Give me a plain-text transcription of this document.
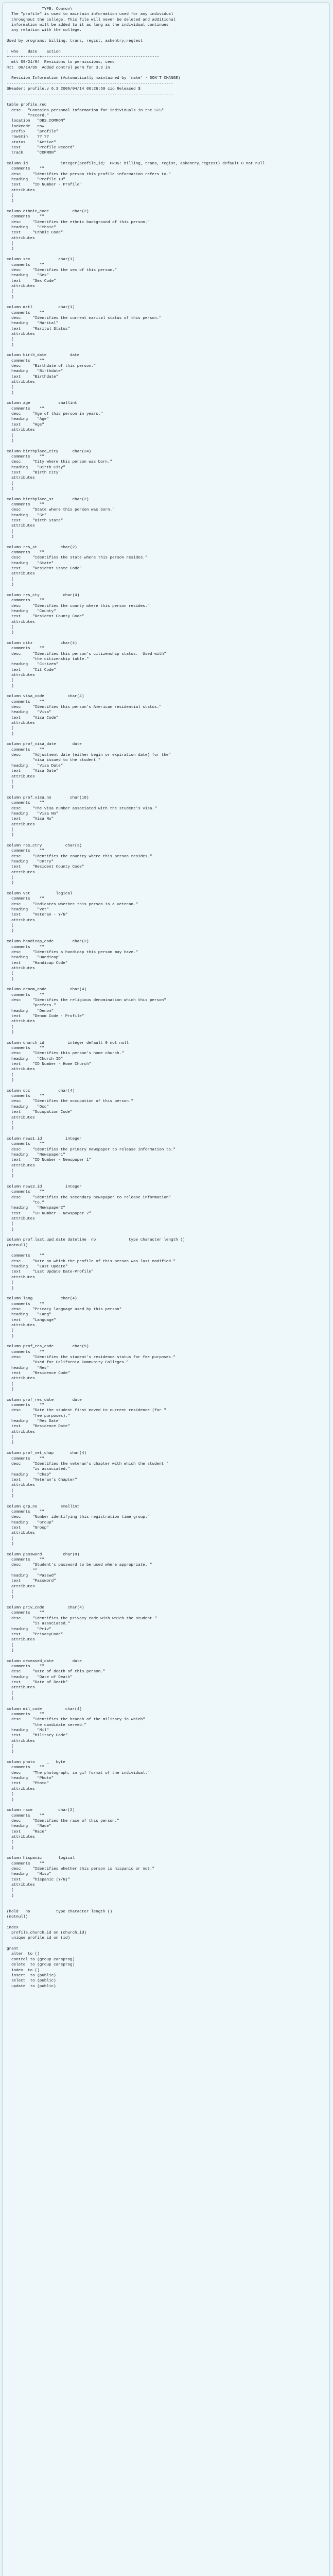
TYPE: Common\
The "profile" is used to maintain information used for any individual
throughout the college. This file will never be deleted and additional
information will be added to it as long as the individual continues
any relation with the college.

Used by programs: billing, trans, regist, askentry,regtest

| who    date    action
+-----+-------+--------------------------------------------------
mtt 09/21/94  Revisions to permissions, cend
mtt  06/14/95  Added control perm for 3.3 in

Revision Information (Automatically maintained by 'make' - DON'T CHANGE)
-----------------------------------------------------------------------
$Header: profile.v 6.3 2006/04/14 06:26:50 cio Released $
-----------------------------------------------------------------------

table profile_rec
desc   "Contains personal information for individuals in the SIS"
"record."
location   "DBS_COMMON"
lockmode   row
prefix     "profile"
rowsmin    ?? ??
status     "Active"
text       "Profile Record"
track      "COMMON"

column id              integer(profile_id;  PROG: billing, trans, regist, askentry,regtest) default 0 not null
comments    ""
desc     "Identifies the person this profile information refers to."
heading    "Profile ID"
text     "ID Number - Profile"
attributes
(
)

column ethnic_code          char(2)
comments    ""
desc     "Identifies the ethnic background of this person."
heading    "Ethnic"
text     "Ethnic Code"
attributes
(
)

column sex            char(1)
comments    ""
desc     "Identifies the sex of this person."
heading    "Sex"
text     "Sex Code"
attributes
(
)

column mrtl           char(1)
comments    ""
desc     "Identifies the current marital status of this person."
heading    "Marital"
text     "Marital Status"
attributes
(
)

column birth_date          date
comments    ""
desc     "Birthdate of this person."
heading    "Birthdate"
text     "Birthdate"
attributes
(
)

column age            smallint
comments    ""
desc     "Age of this person in years."
heading    "Age"
text     "Age"
attributes
(
)

column birthplace_city      char(24)
comments    ""
desc     "City where this person was born."
heading    "Birth City"
text     "Birth City"
attributes
(
)

column birthplace_st        char(2)
comments    ""
desc     "State where this person was born."
heading    "St"
text     "Birth State"
attributes
(
)

column res_st          char(2)
comments    ""
desc     "Identifies the state where this person resides."
heading    "State"
text     "Resident State Code"
attributes
(
)

column res_cty          char(4)
comments    ""
desc     "Identifies the county where this person resides."
heading    "County"
text     "Resident County Code"
attributes
(
)

column citz            char(4)
comments    ""
desc     "Identifies this person's citizenship status.  Used with"
"the citizenship table."
heading    "Citizen"
text     "Cit Code"
attributes
(
)

column visa_code          char(4)
comments    ""
desc     "Identifies this person's American residential status."
heading    "Visa"
text     "Visa Code"
attributes
(
)

column prof_visa_date       date
comments    ""
desc     "Adjustment date (either begin or expiration date) for the"
"visa issued to the student."
heading    "Visa Date"
text     "Visa Date"
attributes
(
)

column prof_visa_no        char(10)
comments    ""
desc     "The visa number associated with the student's visa."
heading    "Visa No"
text     "Visa No"
attributes
(
)

column res_ctry          char(3)
comments    ""
desc     "Identifies the country where this person resides."
heading    "Cntry"
text     "Resident County Code"
attributes
(
)

column vet           logical
comments    ""
desc     "Indicates whether this person is a veteran."
heading    "Vet"
text     "Veteran - Y/N"
attributes
(
)

column handicap_code        char(2)
comments    ""
desc     "Identifies a handicap this person may have."
heading    "Handicap"
text     "Handicap Code"
attributes
(
)

column denom_code          char(4)
comments    ""
desc     "Identifies the religious denomination which this person"
"prefers."
heading    "Denom"
text     "Denom Code - Profile"
attributes
(
)

column church_id          integer default 0 not null
comments    ""
desc     "Identifies this person's home church."
heading    "Church ID"
text     "ID Number - Home Church"
attributes
(
)

column occ            char(4)
comments    ""
desc     "Identifies the occupation of this person."
heading    "Occ"
text     "Occupation Code"
attributes
(
)

column news1_id          integer
comments    ""
desc     "Identifies the primary newspaper to release information to."
heading    "Newspaper1"
text     "ID Number - Newspaper 1"
attributes
(
)

column news2_id          integer
comments    ""
desc     "Identifies the secondary newspaper to release information"
"to."
heading    "Newspaper2"
text     "ID Number - Newspaper 2"
attributes
(
)

column prof_last_upd_date datetime  no              type character length ()
(notnull)

comments    ""
desc     "Date on which the profile of this person was last modified."
heading    "Last Update"
text     "Last Update Date-Profile"
attributes
(
)

column lang            char(4)
comments    ""
desc     "Primary language used by this person"
heading    "Lang"
text     "Language"
attributes
(
)

column prof_res_code        char(5)
comments    ""
desc     "Identifies the student's residence status for fee purposes."
"Used for California Community Colleges."
heading    "Res"
text     "Residence Code"
attributes
(
)

column prof_res_date        date
comments    ""
desc     "Date the student first moved to current residence (for "
"fee purposes)."
heading    "Res Date"
text     "Residence Date"
attributes
(
)

column prof_vet_chap       char(4)
comments    ""
desc     "Identifies the veteran's chapter with which the student "
"is associated."
heading    "Chap"
text     "Veteran's Chapter"
attributes
(
)

column grp_no          smallint
comments    ""
desc     "Number identifying this registration time group."
heading    "Group"
text     "Group"
attributes
(
)

column password         char(8)
comments    ""
desc     "Student's password to be used where appropriate. "
""
heading    "Passwd"
text     "Password"
attributes
(
)

column priv_code          char(4)
comments    ""
desc     "Identifies the privacy code with which the student "
"is associated."
heading    "Priv"
text     "PrivacyCode"
attributes
(
)

column deceased_date        date
comments    ""
desc     "Date of death of this person."
heading    "Date of Death"
text     "Date of Death"
attributes
(
)

column mil_code          char(4)
comments    ""
desc     "Identifies the branch of the military in which"
"the candidate served."
heading    "Mil"
text     "Military Code"
attributes
(
)

column photo     _   byte
comments    ""
desc     "The photograph, in gif format of the individual."
heading    "Photo"
text     "Photo"
attributes
(
)

column race           char(2)
comments    ""
desc     "Identifies the race of this person."
heading    "Race"
text     "Race"
attributes
(
)

column hispanic       logical
comments    ""
desc     "Identifies whether this person is hispanic or not."
heading    "Hisp"
text     "hispanic (Y/N)"
attributes
(
)

(hold   no           type character length ()
(notnull)

index
profile_church_id on (church_id)
unique profile_id on (id)

grant
alter  to ()
control to (group carsprog)
delete  to (group carsprog)
index  to ()
insert  to (public)
select  to (public)
update  to (public)
